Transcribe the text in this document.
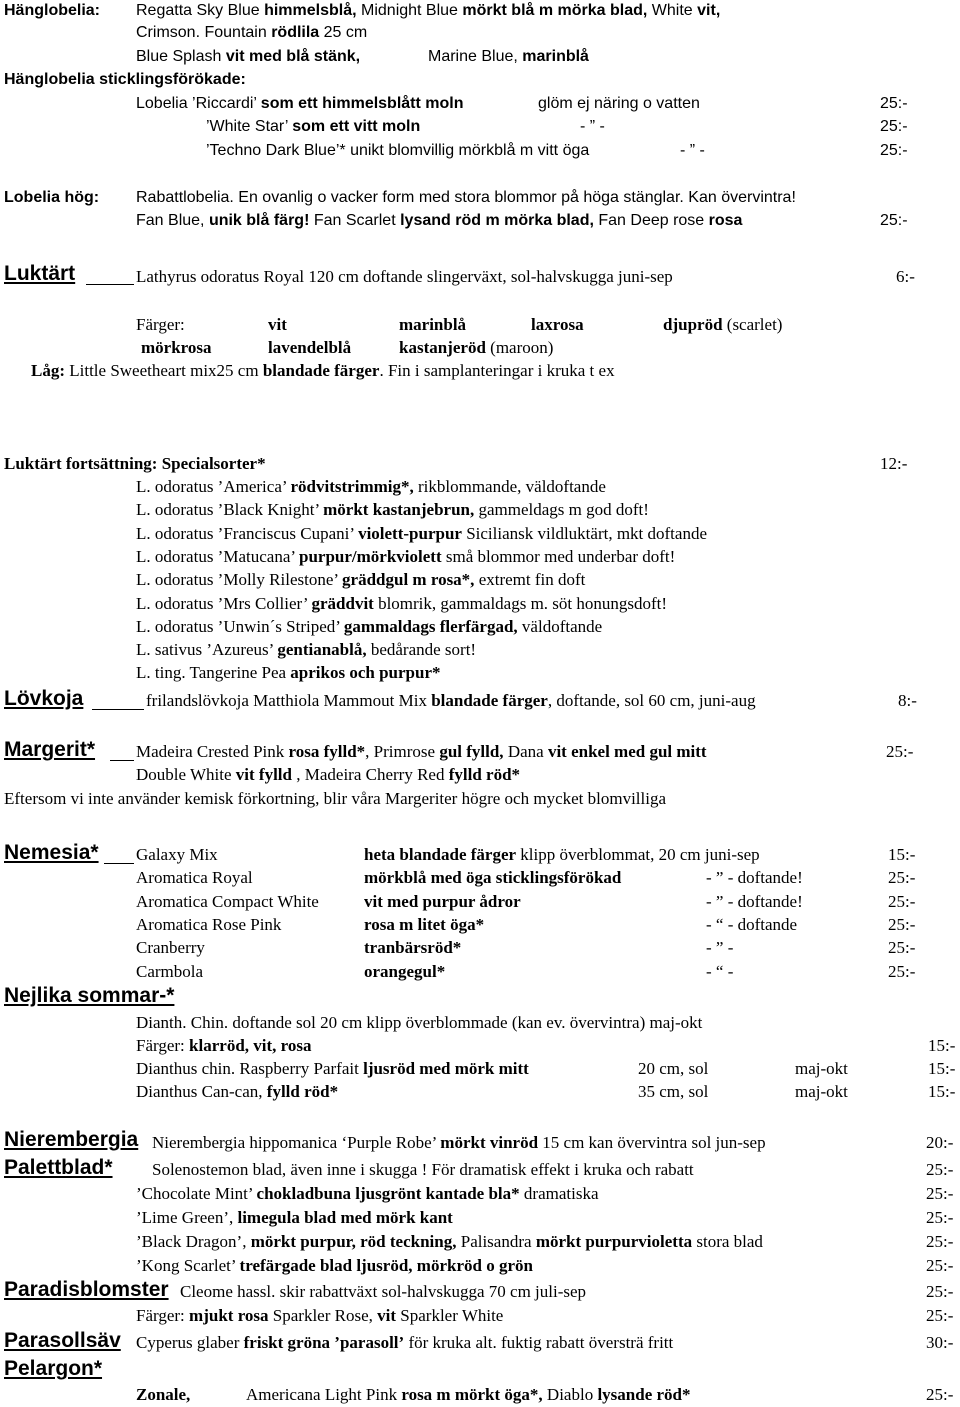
Hänglobelia: Regatta Sky Blue himmelsblå, Midnight Blue mörkt blå m mörka blad, White vit,
Crimson. Fountain rödlila 25 cm
Blue Splash vit med blå stänk,	Marine Blue, marinblå
Hänglobelia sticklingsförökade:
Lobelia ’Riccardi’ som ett himmelsblått moln	glöm ej näring o vatten	25:-
’White Star’ som ett vitt moln	- ” -	25:-
’Techno Dark Blue’* unikt blomvillig mörkblå m vitt öga	- ” -	25:-
Lobelia hög: Rabattlobelia. En ovanlig o vacker form med stora blommor på höga stänglar. Kan övervintra!
Fan Blue, unik blå färg! Fan Scarlet lysand röd m mörka blad, Fan Deep rose rosa	25:-
Luktärt	Lathyrus odoratus Royal 120 cm doftande slingerväxt, sol-halvskugga juni-sep	6:-
Färger:	vit	marinblå	laxrosa	djupröd (scarlet)
mörkrosa	lavendelblå	kastanjeröd (maroon)
Låg: Little Sweetheart mix25 cm blandade färger. Fin i samplanteringar i kruka t ex
Luktärt fortsättning: Specialsorter*	12:-
L. odoratus ’America’ rödvitstrimmig*, rikblommande, väldoftande
L. odoratus ’Black Knight’ mörkt kastanjebrun, gammeldags m god doft!
L. odoratus ’Franciscus Cupani’ violett-purpur Siciliansk vildluktärt, mkt doftande
L. odoratus ’Matucana’ purpur/mörkviolett små blommor med underbar doft!
L. odoratus ’Molly Rilestone’ gräddgul m rosa*, extremt fin doft
L. odoratus ’Mrs Collier’ gräddvit blomrik, gammaldags m. söt honungsdoft!
L. odoratus ’Unwin´s Striped’ gammaldags flerfärgad, väldoftande
L. sativus ’Azureus’ gentianablå, bedårande sort!
L. ting. Tangerine Pea aprikos och purpur*
Lövkoja	frilandslövkoja Matthiola Mammout Mix blandade färger, doftande, sol 60 cm, juni-aug	8:-
Margerit* Madeira Crested Pink rosa fylld*, Primrose gul fylld, Dana vit enkel med gul mitt	25:-
Double White vit fylld , Madeira Cherry Red fylld röd*
Eftersom vi inte använder kemisk förkortning, blir våra Margeriter högre och mycket blomvilliga
Nemesia* Galaxy Mix	heta blandade färger klipp överblommat, 20 cm juni-sep	15:-
Aromatica Royal	mörkblå med öga sticklingsförökad	- ” - doftande!	25:-
Aromatica Compact White	vit med purpur ådror	- ” - doftande!	25:-
Aromatica Rose Pink	rosa m litet öga*	- “ - doftande	25:-
Cranberry	tranbärsröd*	- ” -	25:-
Carmbola	orangegul*	- “ -	25:-
Nejlika sommar-*
Dianth. Chin. doftande sol 20 cm klipp överblommade (kan ev. övervintra) maj-okt
Färger: klarröd, vit, rosa	15:-
Dianthus chin. Raspberry Parfait ljusröd med mörk mitt	20 cm, sol	maj-okt	15:-
Dianthus Can-can, fylld röd*	35 cm, sol	maj-okt	15:-
Nierembergia Nierembergia hippomanica ‘Purple Robe’ mörkt vinröd 15 cm kan övervintra sol jun-sep	20:-
Palettblad* Solenostemon blad, även inne i skugga ! För dramatisk effekt i kruka och rabatt	25:-
’Chocolate Mint’ chokladbuna ljusgrönt kantade bla* dramatiska	25:-
’Lime Green’, limegula blad med mörk kant	25:-
’Black Dragon’, mörkt purpur, röd teckning, Palisandra mörkt purpurvioletta stora blad	25:-
’Kong Scarlet’ trefärgade blad ljusröd, mörkröd o grön	25:-
Paradisblomster Cleome hassl. skir rabattväxt sol-halvskugga 70 cm juli-sep	25:-
Färger: mjukt rosa Sparkler Rose, vit Sparkler White	25:-
Parasollsäv Cyperus glaber friskt gröna ’parasoll’ för kruka alt. fuktig rabatt översträ fritt	30:-
Pelargon*
Zonale,	Americana Light Pink rosa m mörkt öga*, Diablo lysande röd*	25:-
